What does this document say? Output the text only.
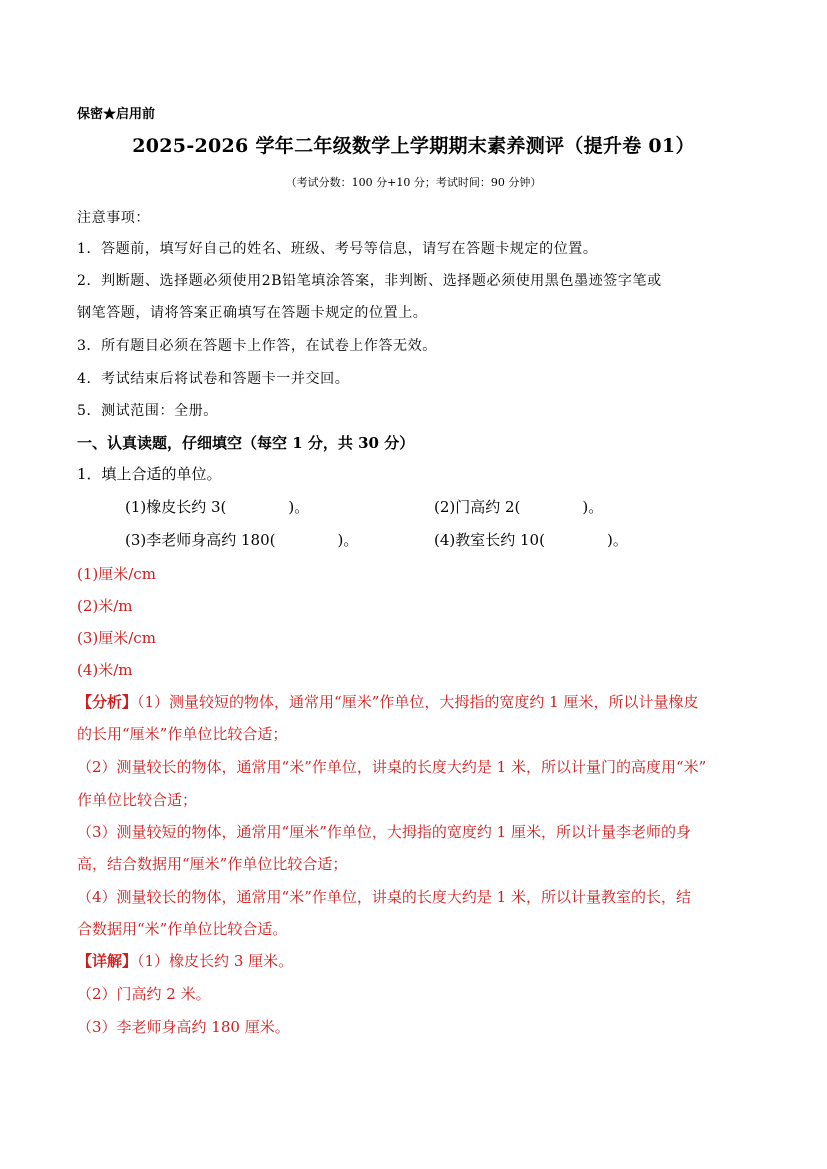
保密★启用前
2025-2026 学年二年级数学上学期期末素养测评（提升卷 01）
（考试分数：100 分+10 分；考试时间：90 分钟）
注意事项：
1．答题前，填写好自己的姓名、班级、考号等信息，请写在答题卡规定的位置。
2．判断题、选择题必须使用2B铅笔填涂答案，非判断、选择题必须使用黑色墨迹签字笔或
钢笔答题，请将答案正确填写在答题卡规定的位置上。
3．所有题目必须在答题卡上作答，在试卷上作答无效。
4．考试结束后将试卷和答题卡一并交回。
5．测试范围：全册。
一、认真读题，仔细填空（每空 1 分，共 30 分）
1．填上合适的单位。
(1)橡皮长约 3(	)。	(2)门高约 2(	)。
(3)李老师身高约 180(	)。	(4)教室长约 10(	)。
(1)厘米/cm
(2)米/m
(3)厘米/cm
(4)米/m
【分析】（1）测量较短的物体，通常用“厘米”作单位，大拇指的宽度约 1 厘米，所以计量橡皮
的长用“厘米”作单位比较合适；
（2）测量较长的物体，通常用“米”作单位，讲桌的长度大约是 1 米，所以计量门的高度用“米”
作单位比较合适；
（3）测量较短的物体，通常用“厘米”作单位，大拇指的宽度约 1 厘米，所以计量李老师的身
高，结合数据用“厘米”作单位比较合适；
（4）测量较长的物体，通常用“米”作单位，讲桌的长度大约是 1 米，所以计量教室的长，结
合数据用“米”作单位比较合适。
【详解】（1）橡皮长约 3 厘米。
（2）门高约 2 米。
（3）李老师身高约 180 厘米。
